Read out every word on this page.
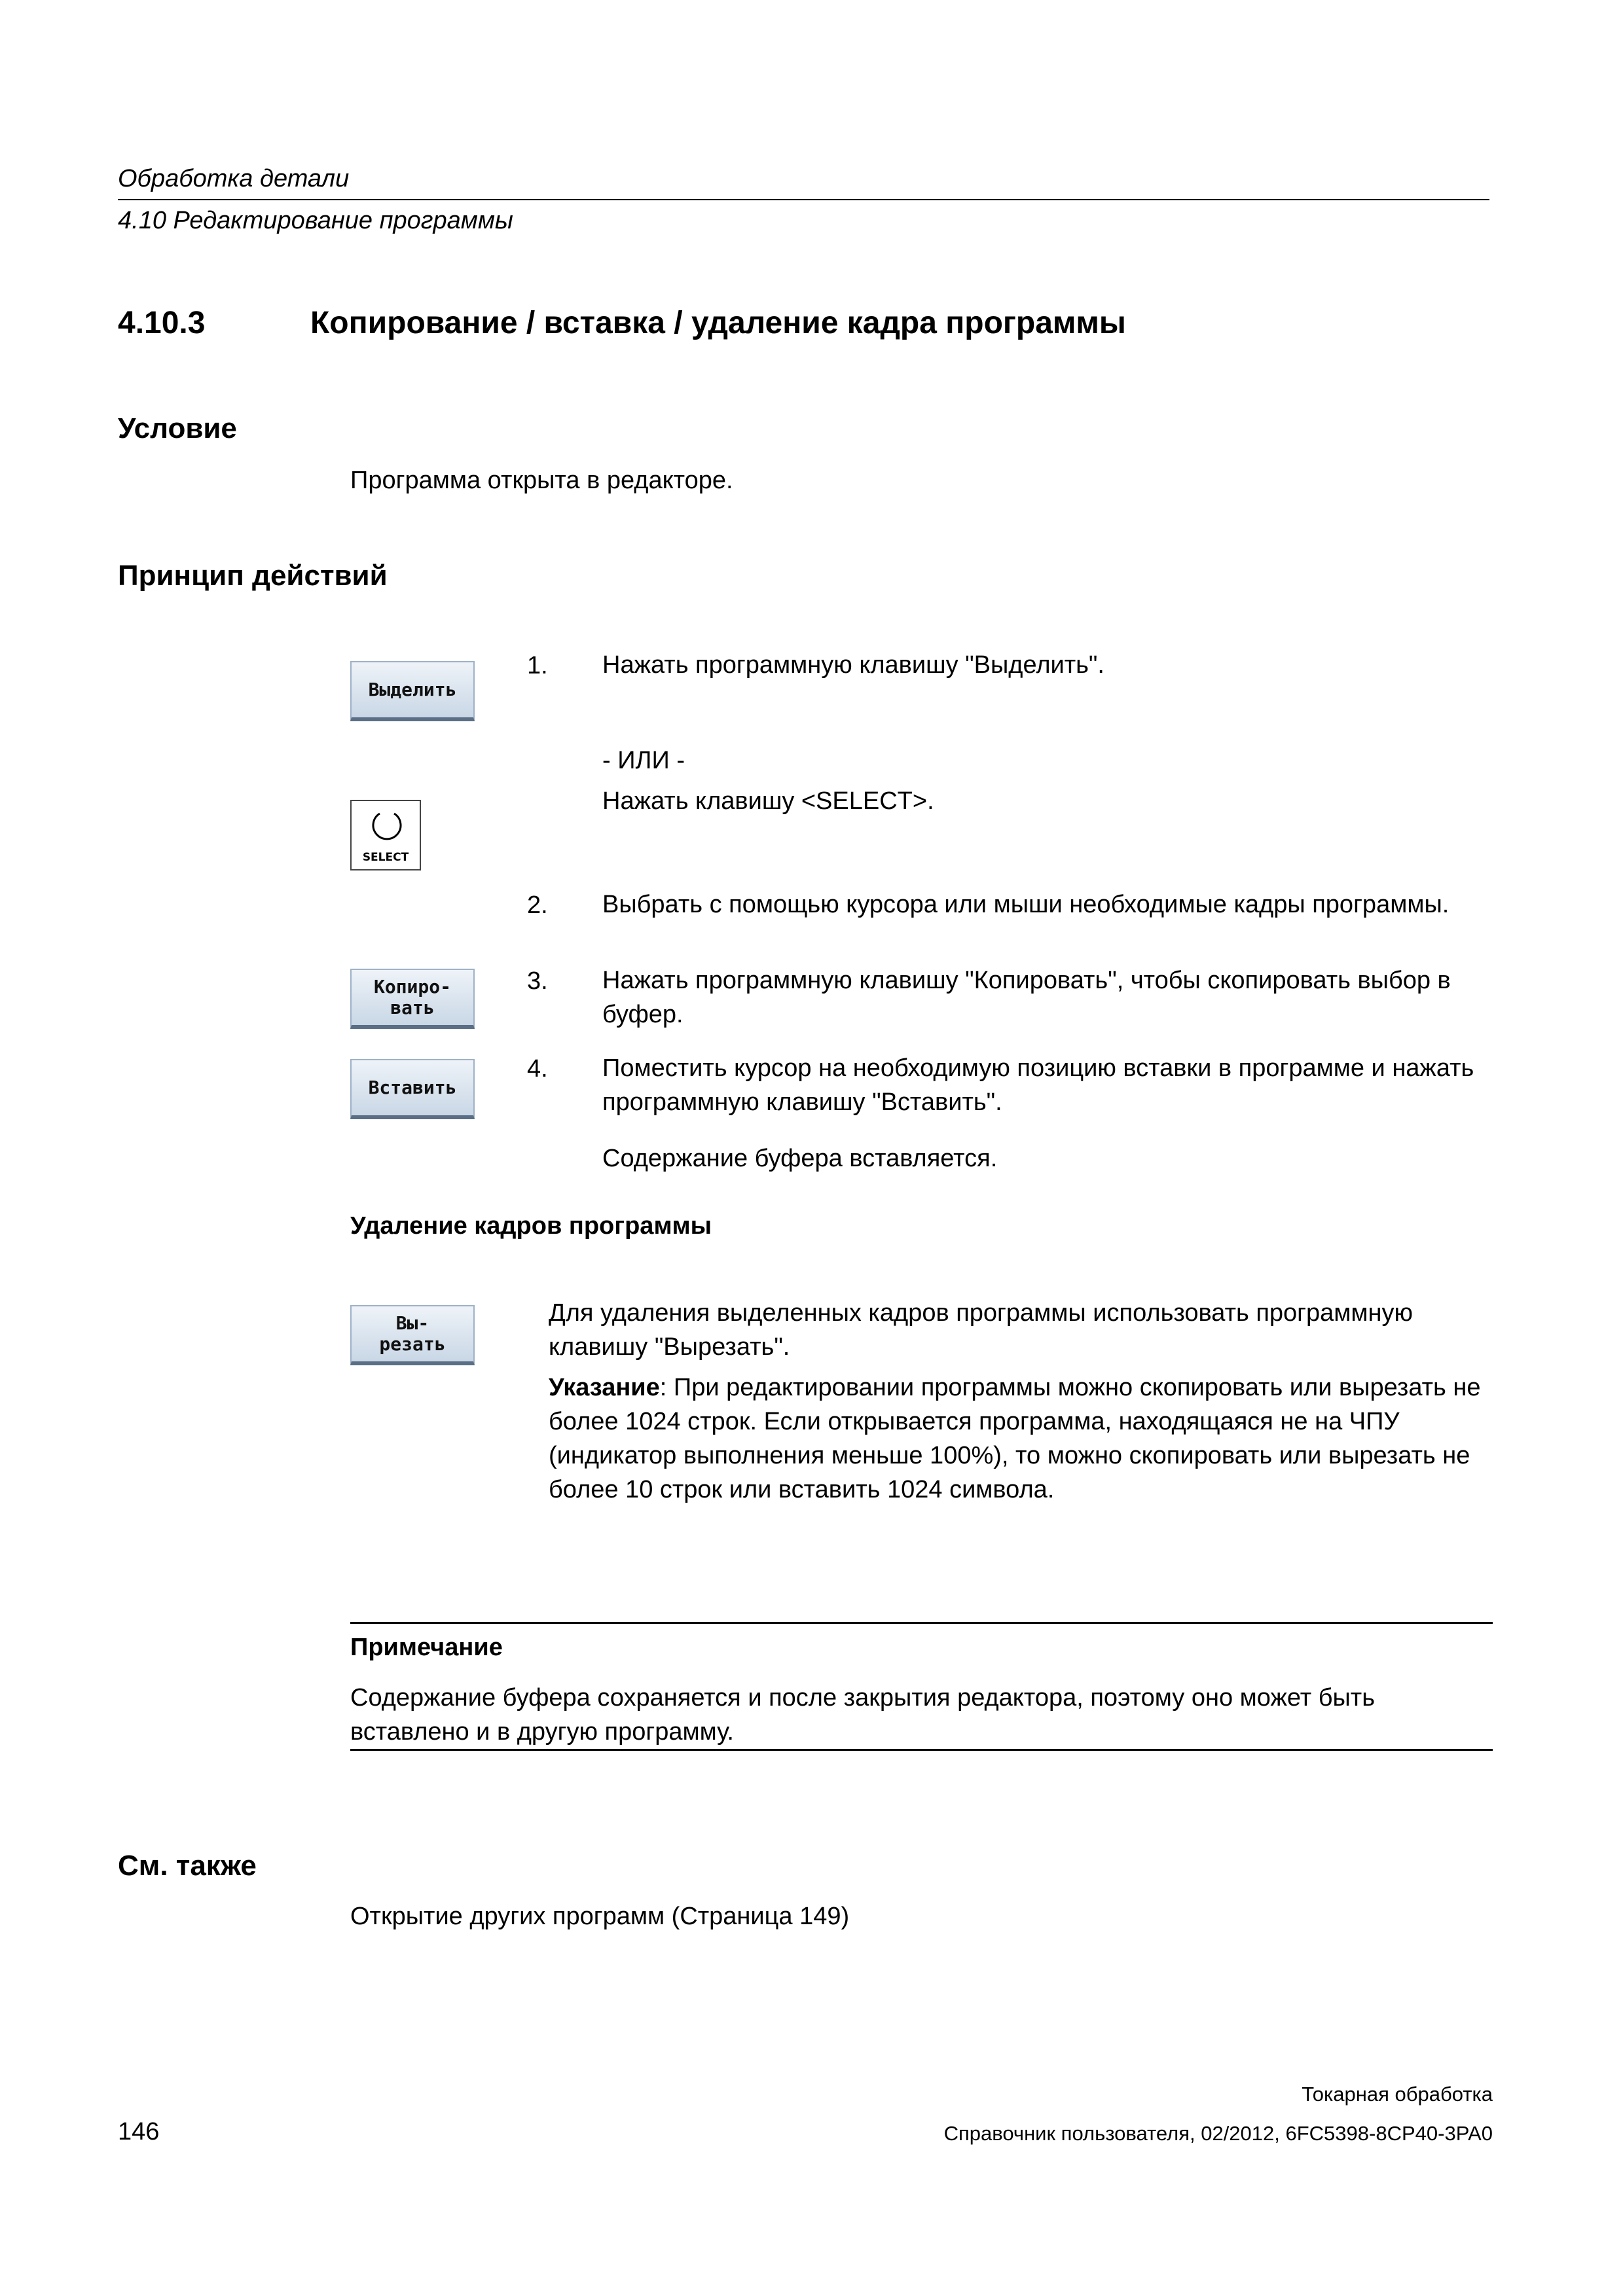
Обработка детали
4.10 Редактирование программы
4.10.3	Копирование / вставка / удаление кадра программы
Условие
Программа открыта в редакторе.
Принцип действий
Выделить
1. Нажать программную клавишу "Выделить".
- ИЛИ -
Нажать клавишу <SELECT>.
SELECT
2. Выбрать с помощью курсора или мыши необходимые кадры программы.
Копиро-
вать
3. Нажать программную клавишу "Копировать", чтобы скопировать выбор в буфер.
Вставить
4. Поместить курсор на необходимую позицию вставки в программе и нажать программную клавишу "Вставить".
Содержание буфера вставляется.
Удаление кадров программы
Вы-
резать
Для удаления выделенных кадров программы использовать программную клавишу "Вырезать".
Указание: При редактировании программы можно скопировать или вырезать не более 1024 строк. Если открывается программа, находящаяся не на ЧПУ (индикатор выполнения меньше 100%), то можно скопировать или вырезать не более 10 строк или вставить 1024 символа.
Примечание
Содержание буфера сохраняется и после закрытия редактора, поэтому оно может быть вставлено и в другую программу.
См. также
Открытие других программ (Страница 149)
Токарная обработка
146	Справочник пользователя, 02/2012, 6FC5398-8CP40-3PA0
